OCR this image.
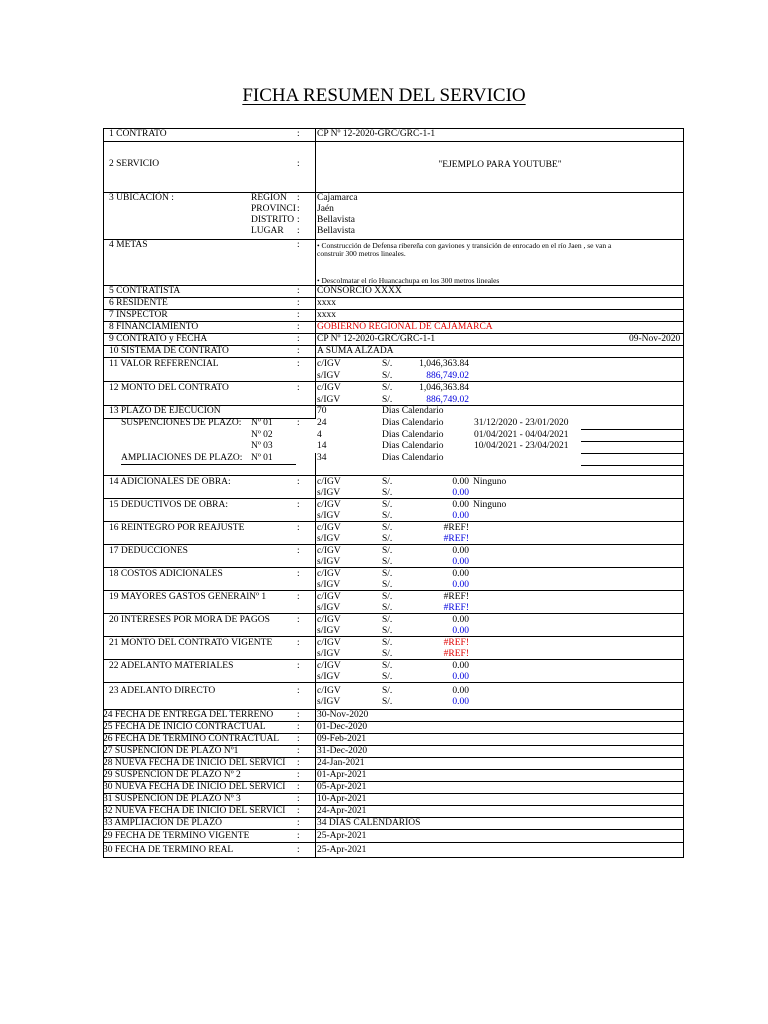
FICHA RESUMEN DEL SERVICIO
1 CONTRATO	: CP Nº 12-2020-GRC/GRC-1-1
2 SERVICIO	:	"EJEMPLO PARA YOUTUBE"
3 UBICACIÓN :	REGION : Cajamarca
PROVINCI : Jaén
DISTRITO : Bellavista
LUGAR : Bellavista
4 METAS	: • Construcción de Defensa ribereña con gaviones y transición de enrocado en el río Jaen , se van a
construir 300 metros lineales.
• Descolmatar el río Huancachupa en los 300 metros lineales
5 CONTRATISTA	: CONSORCIO XXXX
6 RESIDENTE	: xxxx
7 INSPECTOR	: xxxx
8 FINANCIAMIENTO	: GOBIERNO REGIONAL DE CAJAMARCA
9 CONTRATO y FECHA	: CP Nº 12-2020-GRC/GRC-1-1	09-Nov-2020
10 SISTEMA DE CONTRATO	: A SUMA ALZADA
11 VALOR REFERENCIAL	: c/IGV	S/.	1,046,363.84
s/IGV	S/.	886,749.02
12 MONTO DEL CONTRATO	: c/IGV	S/.	1,046,363.84
s/IGV	S/.	886,749.02
13 PLAZO DE EJECUCION	70	Dias Calendario
SUSPENCIONES DE PLAZO: Nº 01	: 24	Dias Calendario	31/12/2020 - 23/01/2020
Nº 02	4	Dias Calendario	01/04/2021 - 04/04/2021
Nº 03	14	Dias Calendario	10/04/2021 - 23/04/2021
AMPLIACIONES DE PLAZO: Nº 01	34	Dias Calendario
14 ADICIONALES DE OBRA:	: c/IGV	S/.	0.00 Ninguno
s/IGV	S/.	0.00
15 DEDUCTIVOS DE OBRA:	: c/IGV	S/.	0.00 Ninguno
s/IGV	S/.	0.00
16 REINTEGRO POR REAJUSTE	: c/IGV	S/.	#REF!
s/IGV	S/.	#REF!
17 DEDUCCIONES	: c/IGV	S/.	0.00
s/IGV	S/.	0.00
18 COSTOS ADICIONALES	: c/IGV	S/.	0.00
s/IGV	S/.	0.00
19 MAYORES GASTOS GENERAlNº 1	: c/IGV	S/.	#REF!
s/IGV	S/.	#REF!
20 INTERESES POR MORA DE PAGOS	: c/IGV	S/.	0.00
s/IGV	S/.	0.00
21 MONTO DEL CONTRATO VIGENTE	: c/IGV	S/.	#REF!
s/IGV	S/.	#REF!
22 ADELANTO MATERIALES	: c/IGV	S/.	0.00
s/IGV	S/.	0.00
23 ADELANTO DIRECTO	: c/IGV	S/.	0.00
s/IGV	S/.	0.00
24 FECHA DE ENTREGA DEL TERRENO	: 30-Nov-2020
25 FECHA DE INICIO CONTRACTUAL	: 01-Dec-2020
26 FECHA DE TERMINO CONTRACTUAL : 09-Feb-2021
27 SUSPENCIÓN DE PLAZO Nº1	: 31-Dec-2020
28 NUEVA FECHA DE INICIO DEL SERVICI : 24-Jan-2021
29 SUSPENCION DE PLAZO Nº 2	: 01-Apr-2021
30 NUEVA FECHA DE INICIO DEL SERVICI : 05-Apr-2021
31 SUSPENCION DE PLAZO Nº 3	: 10-Apr-2021
32 NUEVA FECHA DE INICIO DEL SERVICI : 24-Apr-2021
33 AMPLIACION DE PLAZO	: 34 DIAS CALENDARIOS
29 FECHA DE TERMINO VIGENTE	: 25-Apr-2021
30 FECHA DE TERMINO REAL	: 25-Apr-2021
